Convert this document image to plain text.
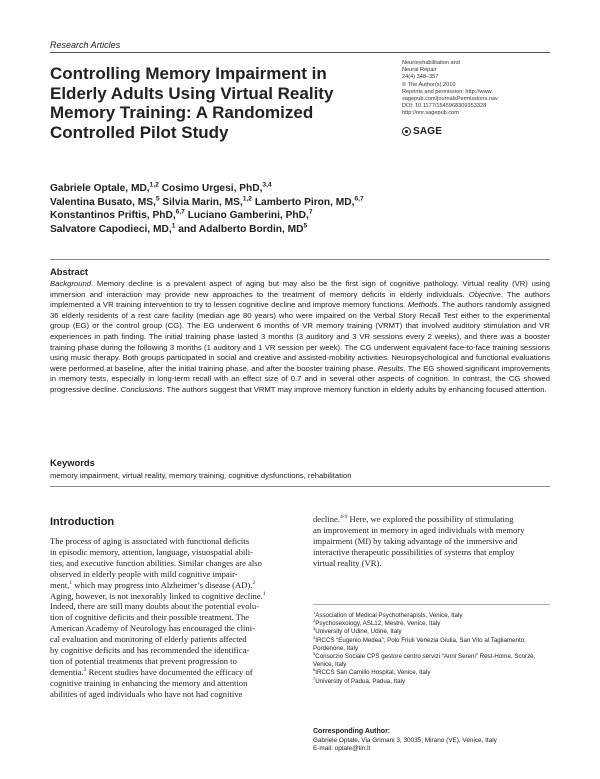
Research Articles
Controlling Memory Impairment in
Elderly Adults Using Virtual Reality
Memory Training: A Randomized
Controlled Pilot Study
Neurorehabilitation and
Neural Repair
24(4) 348–357
© The Author(s) 2010
Reprints and permission: http://www.
sagepub.com/journalsPermissions.nav
DOI: 10.1177/1545968309353328
http://nnr.sagepub.com
SAGE
Gabriele Optale, MD,$^{1,2}$ Cosimo Urgesi, PhD,$^{3,4}$
Valentina Busato, MS,$^5$ Silvia Marin, MS,$^{1,2}$ Lamberto Piron, MD,$^{6,7}$
Konstantinos Priftis, PhD,$^{6,7}$ Luciano Gamberini, PhD,$^7$
Salvatore Capodieci, MD,$^1$ and Adalberto Bordin, $MD^5$
Abstract
Background. Memory decline is a prevalent aspect of aging but may also be the first sign of cognitive pathology. Virtual reality (VR) using immersion and interaction may provide new approaches to the treatment of memory deficits in elderly individuals. Objective. The authors implemented a VR training intervention to try to lessen cognitive decline and improve memory functions. Methods. The authors randomly assigned 36 elderly residents of a rest care facility (median age 80 years) who were impaired on the Verbal Story Recall Test either to the experimental group (EG) or the control group (CG). The EG underwent 6 months of VR memory training (VRMT) that involved auditory stimulation and VR experiences in path finding. The initial training phase lasted 3 months (3 auditory and 3 VR sessions every 2 weeks), and there was a booster training phase during the following 3 months (1 auditory and 1 VR session per week). The CG underwent equivalent face-to-face training sessions using music therapy. Both groups participated in social and creative and assisted-mobility activities. Neuropsychological and functional evaluations were performed at baseline, after the initial training phase, and after the booster training phase. Results. The EG showed significant improvements in memory tests, especially in long-term recall with an effect size of 0.7 and in several other aspects of cognition. In contrast, the CG showed progressive decline. Conclusions. The authors suggest that VRMT may improve memory function in elderly adults by enhancing focused attention.
Keywords
memory impairment, virtual reality, memory training, cognitive dysfunctions, rehabilitation
Introduction
The process of aging is associated with functional deficits
in episodic memory, attention, language, visuospatial abili-
ties, and executive function abilities. Similar changes are also
observed in elderly people with mild cognitive impair-
ment,$^1$ which may progress into Alzheimer’s disease (AD).$^2$
Aging, however, is not inexorably linked to cognitive decline.$^1$
Indeed, there are still many doubts about the potential evolu-
tion of cognitive deficits and their possible treatment. The
American Academy of Neurology has encouraged the clini-
cal evaluation and monitoring of elderly patients affected
by cognitive deficits and has recommended the identifica-
tion of potential treatments that prevent progression to
dementia.$^3$ Recent studies have documented the efficacy of
cognitive training in enhancing the memory and attention
abilities of aged individuals who have not had cognitive
decline.$^{4-9}$ Here, we explored the possibility of stimulating
an improvement in memory in aged individuals with memory
impairment (MI) by taking advantage of the immersive and
interactive therapeutic possibilities of systems that employ
virtual reality (VR).
$^1$Association of Medical Psychotherapists, Venice, Italy
$^2$Psychosexology, ASL12, Mestre, Venice, Italy
$^3$University of Udine, Udine, Italy
$^4$IRCCS “Eugenio Medea”, Polo Friuli Venezia Giulia, San Vito al Tagliamento, Pordenone, Italy
$^5$Consorzio Sociale CPS gestore centro servizi “Anni Sereni” Rest-Home, Scorzè, Venice, Italy
$^6$IRCCS San Camillo Hospital, Venice, Italy
$^7$University of Padua, Padua, Italy
Corresponding Author:
Gabriele Optale, Via Grimani 3, 30035, Mirano (VE), Venice, Italy
E-mail: optale@tin.it
